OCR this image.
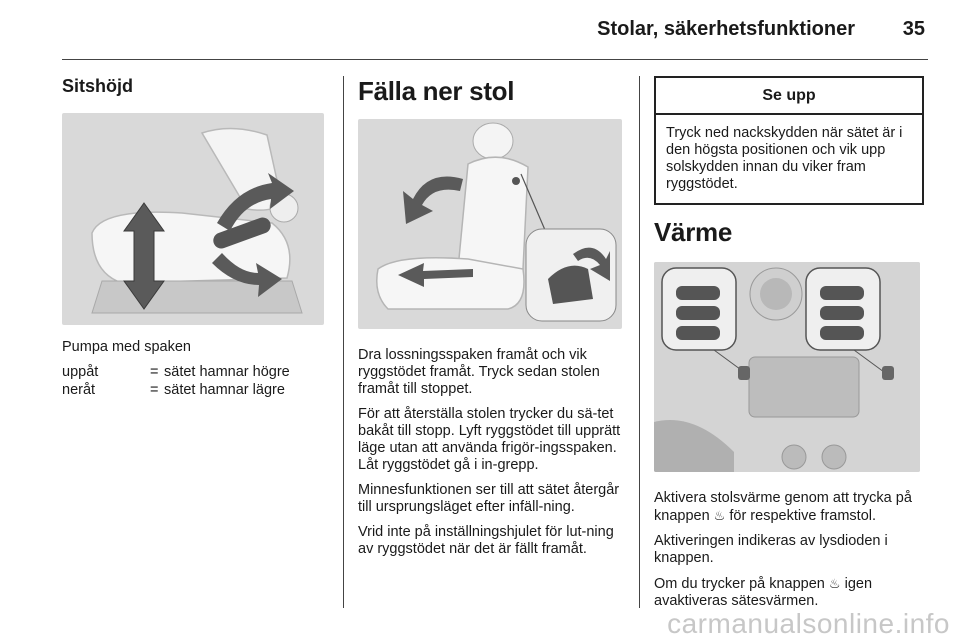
Stolar, säkerhetsfunktioner	35
Sitshöjd

Pumpa med spaken

uppåt	= sätet hamnar högre
neråt	= sätet hamnar lägre
Fälla ner stol

Dra lossningsspaken framåt och vik ryggstödet framåt. Tryck sedan stolen framåt till stoppet.

För att återställa stolen trycker du sä-tet bakåt till stopp. Lyft ryggstödet till upprätt läge utan att använda frigör-ingsspaken. Låt ryggstödet gå i in-grepp.

Minnesfunktionen ser till att sätet återgår till ursprungsläget efter infäll-ning.

Vrid inte på inställningshjulet för lut-ning av ryggstödet när det är fällt framåt.

Se upp
Tryck ned nackskydden när sätet är i den högsta positionen och vik upp solskydden innan du viker fram ryggstödet.
Värme

Aktivera stolsvärme genom att trycka på knappen ♨ för respektive framstol.

Aktiveringen indikeras av lysdioden i knappen.

Om du trycker på knappen ♨ igen avaktiveras sätesvärmen.

carmanualsonline.info
